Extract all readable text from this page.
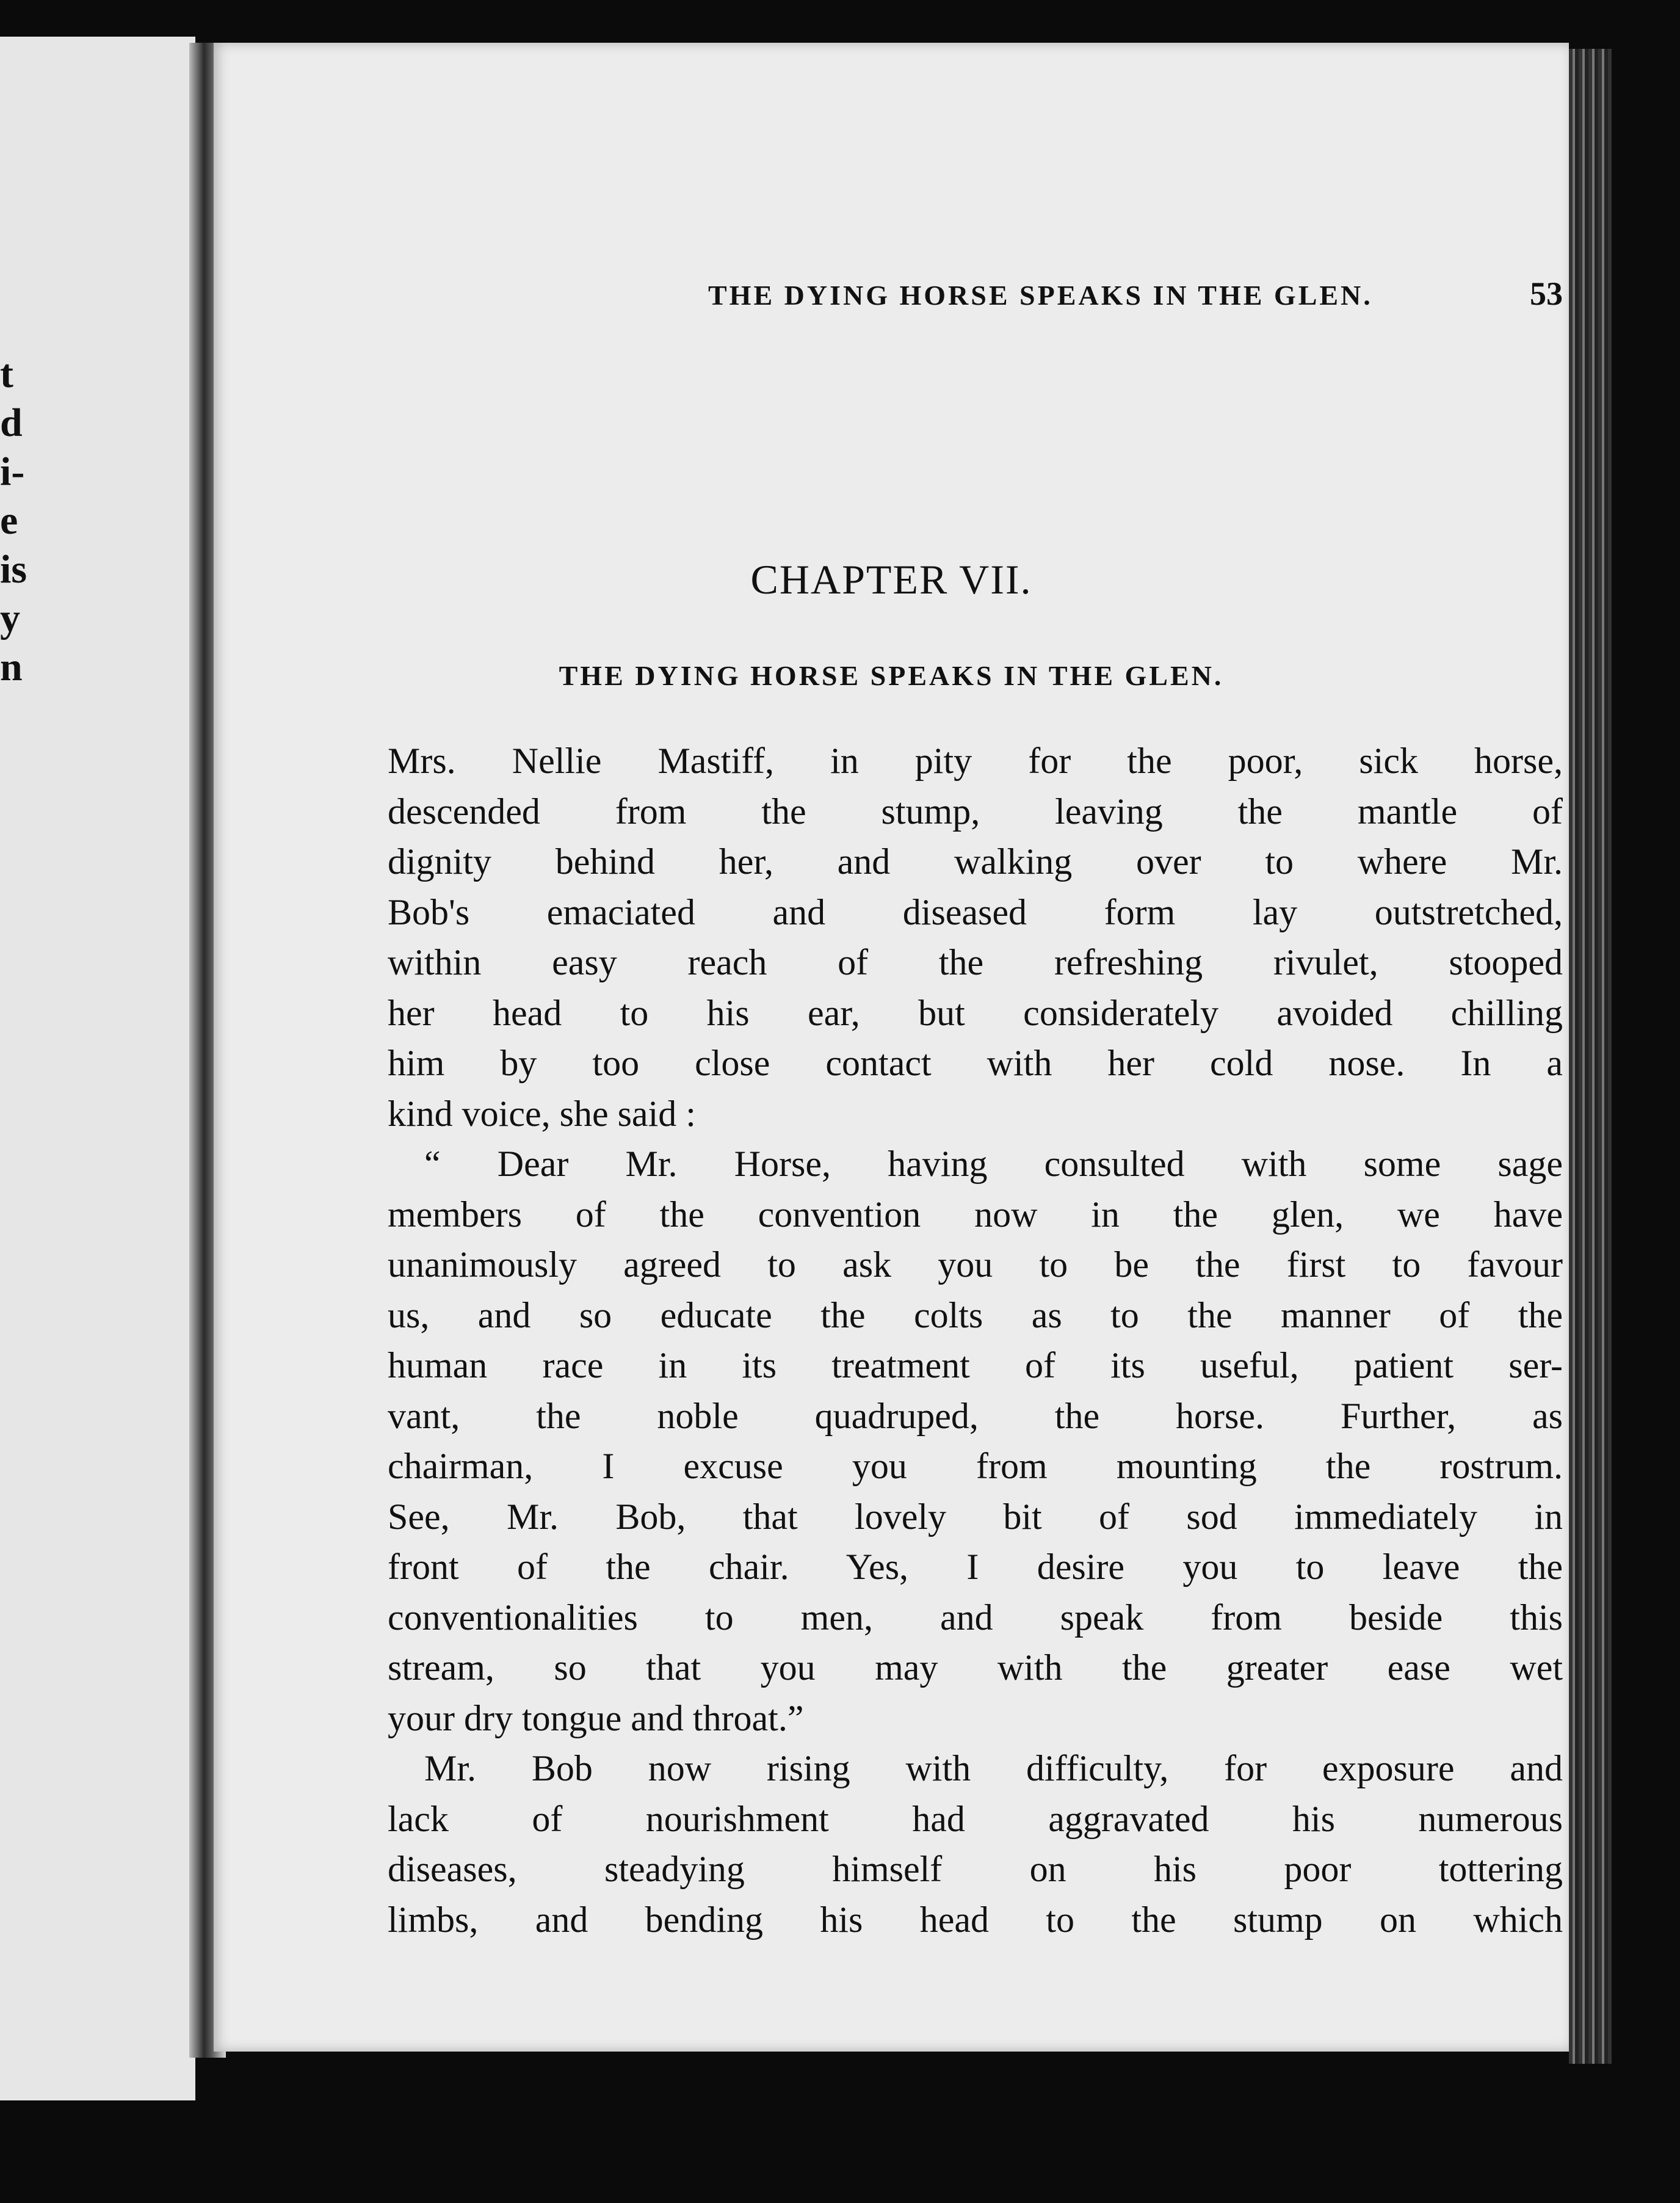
t
d
i-
e
is
y
n
THE DYING HORSE SPEAKS IN THE GLEN.	53
CHAPTER VII.
THE DYING HORSE SPEAKS IN THE GLEN.
Mrs. Nellie Mastiff, in pity for the poor, sick horse,
descended from the stump, leaving the mantle of
dignity behind her, and walking over to where Mr.
Bob's emaciated and diseased form lay outstretched,
within easy reach of the refreshing rivulet, stooped
her head to his ear, but considerately avoided chilling
him by too close contact with her cold nose. In a
kind voice, she said :
“ Dear Mr. Horse, having consulted with some sage
members of the convention now in the glen, we have
unanimously agreed to ask you to be the first to favour
us, and so educate the colts as to the manner of the
human race in its treatment of its useful, patient ser-
vant, the noble quadruped, the horse. Further, as
chairman, I excuse you from mounting the rostrum.
See, Mr. Bob, that lovely bit of sod immediately in
front of the chair. Yes, I desire you to leave the
conventionalities to men, and speak from beside this
stream, so that you may with the greater ease wet
your dry tongue and throat.”
Mr. Bob now rising with difficulty, for exposure and
lack of nourishment had aggravated his numerous
diseases, steadying himself on his poor tottering
limbs, and bending his head to the stump on which
